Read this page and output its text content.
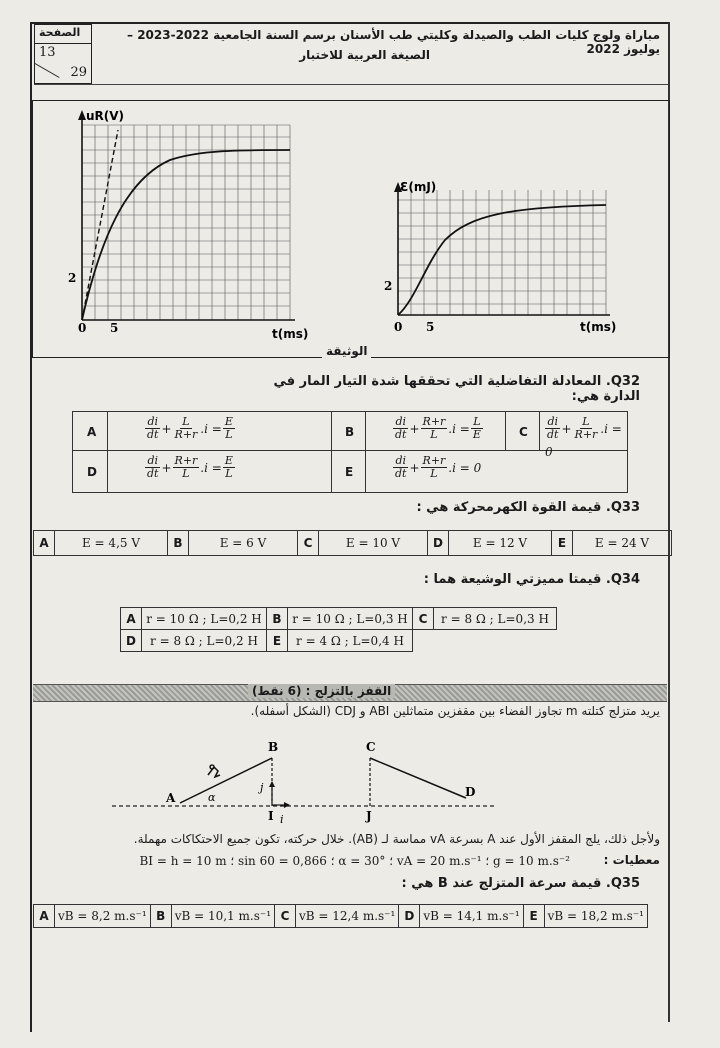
الصفحة
13
29
مباراة ولوج كليات الطب والصيدلة وكليتي طب الأسنان برسم السنة الجامعية 2022-2023 – يوليوز 2022
الصيغة العربية للاختبار
uR(V)
t(ms)
2
0 5
Ɛ(mJ)
t(ms)
2
0 5
الوثيقة
Q32. المعادلة التفاضلية التي تحققها شدة التيار المار في الدارة هي:
A	$\frac{di}{dt} + \frac{L}{R+r} .i = \frac{E}{L}$	B	$\frac{di}{dt} + \frac{R+r}{L} .i = \frac{L}{E}$	C $\frac{di}{dt} + \frac{L}{R+r} .i = 0$
D	$\frac{di}{dt} + \frac{R+r}{L} .i = \frac{E}{L}$	E	$\frac{di}{dt} + \frac{R+r}{L} .i = 0$
Q33. قيمة القوة الكهرمحركة هي :
A	E = 4,5 V	B	E = 6 V	C	E = 10 V	D	E = 12 V	E	E = 24 V
Q34. قيمتا مميزتي الوشيعة هما :
A	r = 10 Ω ; L=0,2 H	B	r = 10 Ω ; L=0,3 H	C	r = 8 Ω ; L=0,3 H
D	r = 8 Ω ; L=0,2 H	E	r = 4 Ω ; L=0,4 H		
القفز بالتزلج : (6 نقط)
يريد متزلج كتلته m تجاوز الفضاء بين مقفزين متماثلين ABI و CDJ (الشكل أسفله).
A
B	C
D
I	J
α
j
i
ولأجل ذلك، يلج المقفز الأول عند A بسرعة vA مماسة لـ (AB). خلال حركته، تكون جميع الاحتكاكات مهملة.
معطيات :
g = 10 m.s⁻² ؛ vA = 20 m.s⁻¹ ؛ α = 30° ؛ sin 60 = 0,866 ؛ BI = h = 10 m
Q35. قيمة سرعة المتزلج عند B هي :
A	vB = 8,2 m.s⁻¹	B	vB = 10,1 m.s⁻¹	C	vB = 12,4 m.s⁻¹	D	vB = 14,1 m.s⁻¹	E	vB = 18,2 m.s⁻¹
